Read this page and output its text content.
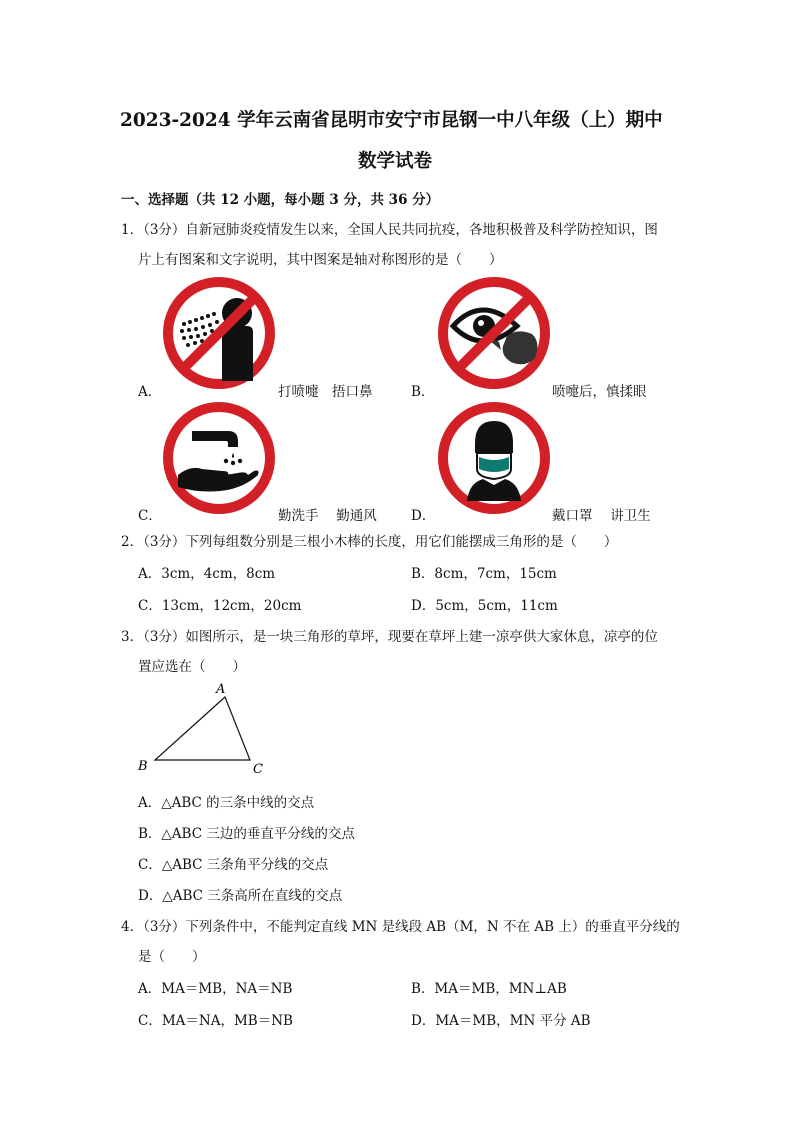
2023-2024 学年云南省昆明市安宁市昆钢一中八年级（上）期中
数学试卷
一、选择题（共 12 小题，每小题 3 分，共 36 分）
1．（3分）自新冠肺炎疫情发生以来，全国人民共同抗疫，各地积极普及科学防控知识，图
片上有图案和文字说明，其中图案是轴对称图形的是（　　）
A．	打喷嚏　捂口鼻	B．	喷嚏后，慎揉眼
C．	勤洗手　 勤通风	D．	戴口罩　 讲卫生
2．（3分）下列每组数分别是三根小木棒的长度，用它们能摆成三角形的是（　　）
A．3cm，4cm，8cm	B．8cm，7cm，15cm
C．13cm，12cm，20cm	D．5cm，5cm，11cm
3．（3分）如图所示，是一块三角形的草坪，现要在草坪上建一凉亭供大家休息，凉亭的位
置应选在（　　）
A
B	C
A．△ABC 的三条中线的交点
B．△ABC 三边的垂直平分线的交点
C．△ABC 三条角平分线的交点
D．△ABC 三条高所在直线的交点
4．（3分）下列条件中，不能判定直线 MN 是线段 AB（M，N 不在 AB 上）的垂直平分线的
是（　　）
A．MA＝MB，NA＝NB	B．MA＝MB，MN⊥AB
C．MA＝NA，MB＝NB	D．MA＝MB，MN 平分 AB
